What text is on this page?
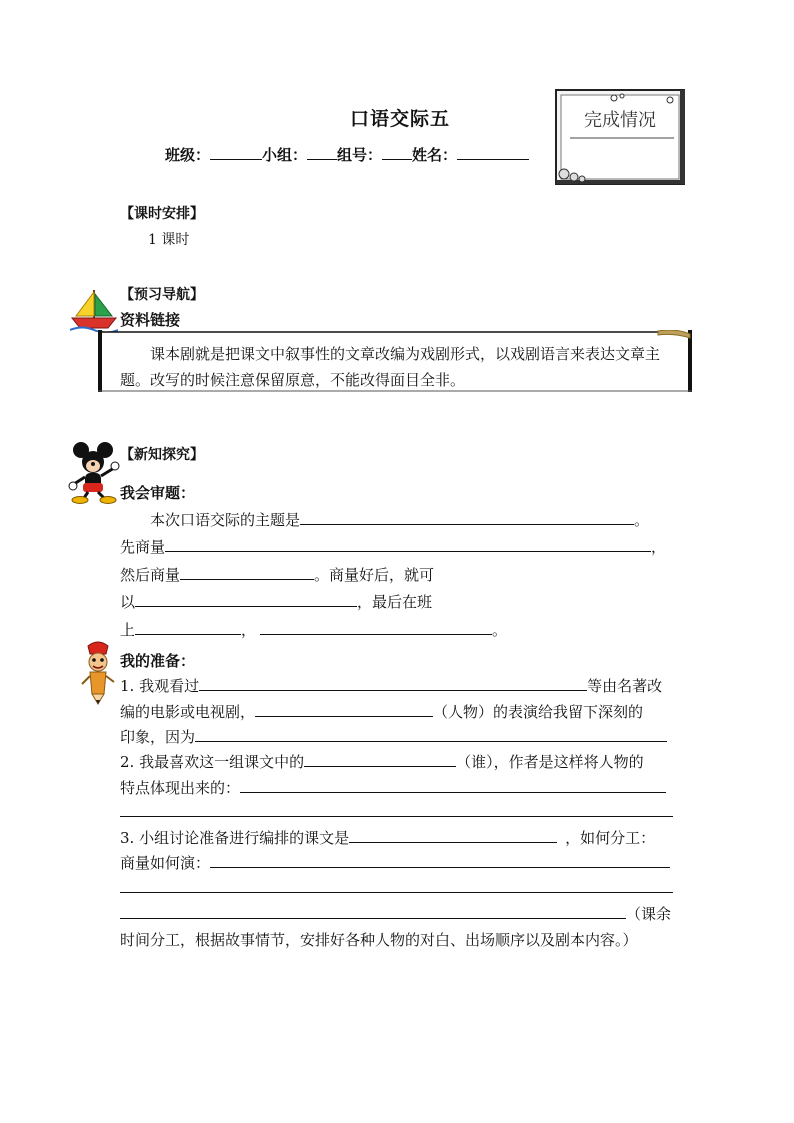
口语交际五
班级：	小组： 组号： 姓名：
完成情况
【课时安排】
1 课时
【预习导航】
资料链接
课本剧就是把课文中叙事性的文章改编为戏剧形式，以戏剧语言来表达文章主题。改写的时候注意保留原意，不能改得面目全非。
【新知探究】
我会审题：
本次口语交际的主题是	。
先商量	，
然后商量	。商量好后，就可
以	，最后在班
上	，	。
我的准备：
1. 我观看过	等由名著改
编的电影或电视剧，	（人物）的表演给我留下深刻的
印象，因为
2. 我最喜欢这一组课文中的	（谁），作者是这样将人物的
特点体现出来的：
3. 小组讨论准备进行编排的课文是	，如何分工：
商量如何演：
（课余
时间分工，根据故事情节，安排好各种人物的对白、出场顺序以及剧本内容。）
